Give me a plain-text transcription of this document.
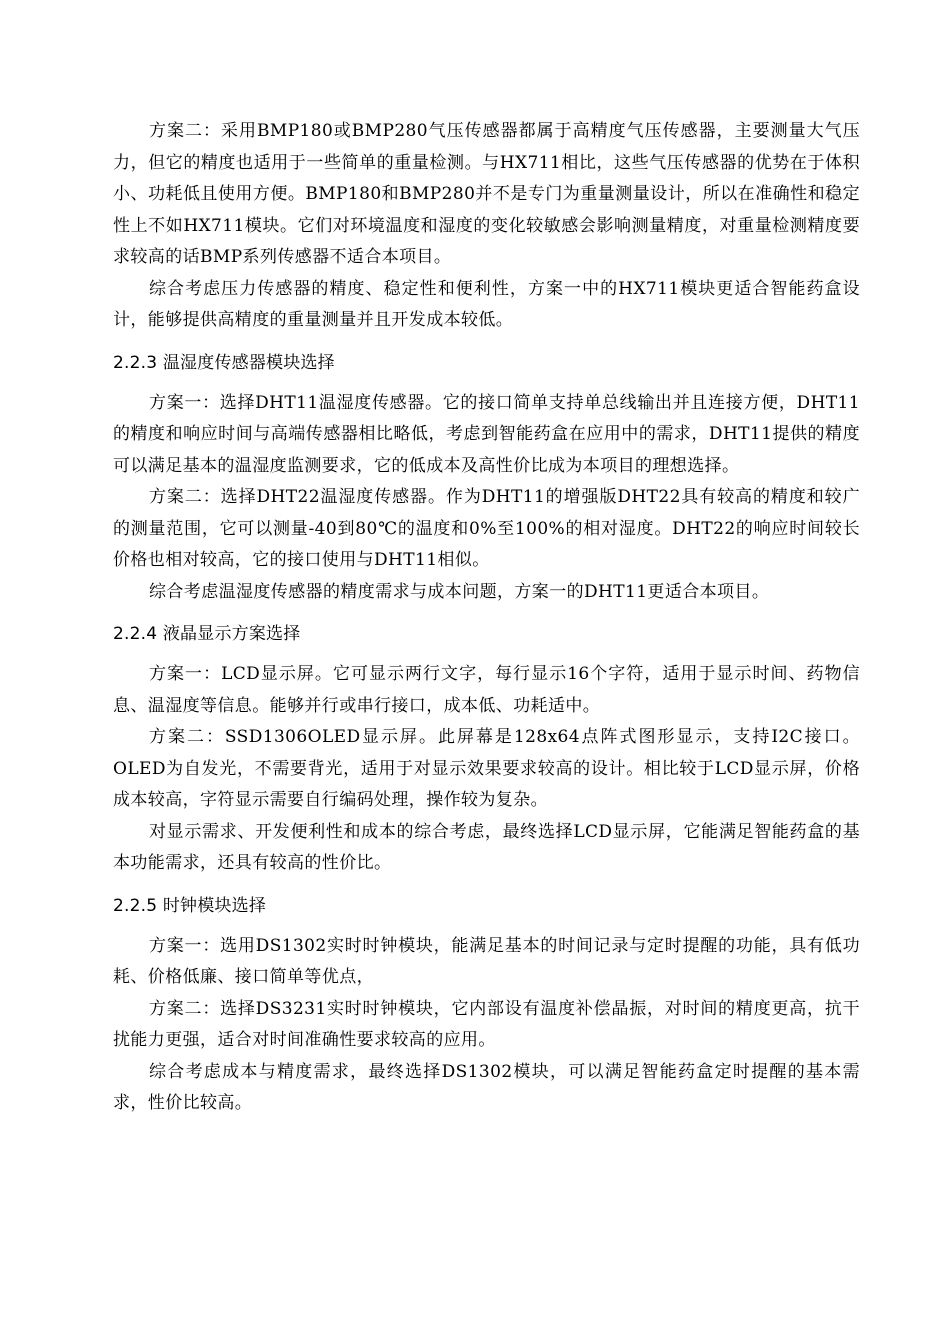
方案二：采用BMP180或BMP280气压传感器都属于高精度气压传感器，主要测量大气压力，但它的精度也适用于一些简单的重量检测。与HX711相比，这些气压传感器的优势在于体积小、功耗低且使用方便。BMP180和BMP280并不是专门为重量测量设计，所以在准确性和稳定性上不如HX711模块。它们对环境温度和湿度的变化较敏感会影响测量精度，对重量检测精度要求较高的话BMP系列传感器不适合本项目。

综合考虑压力传感器的精度、稳定性和便利性，方案一中的HX711模块更适合智能药盒设计，能够提供高精度的重量测量并且开发成本较低。

2.2.3 温湿度传感器模块选择

方案一：选择DHT11温湿度传感器。它的接口简单支持单总线输出并且连接方便，DHT11的精度和响应时间与高端传感器相比略低，考虑到智能药盒在应用中的需求，DHT11提供的精度可以满足基本的温湿度监测要求，它的低成本及高性价比成为本项目的理想选择。

方案二：选择DHT22温湿度传感器。作为DHT11的增强版DHT22具有较高的精度和较广的测量范围，它可以测量-40到80℃的温度和0%至100%的相对湿度。DHT22的响应时间较长价格也相对较高，它的接口使用与DHT11相似。

综合考虑温湿度传感器的精度需求与成本问题，方案一的DHT11更适合本项目。

2.2.4 液晶显示方案选择

方案一：LCD显示屏。它可显示两行文字，每行显示16个字符，适用于显示时间、药物信息、温湿度等信息。能够并行或串行接口，成本低、功耗适中。

方案二：SSD1306OLED显示屏。此屏幕是128x64点阵式图形显示，支持I2C接口。OLED为自发光，不需要背光，适用于对显示效果要求较高的设计。相比较于LCD显示屏，价格成本较高，字符显示需要自行编码处理，操作较为复杂。

对显示需求、开发便利性和成本的综合考虑，最终选择LCD显示屏，它能满足智能药盒的基本功能需求，还具有较高的性价比。

2.2.5 时钟模块选择

方案一：选用DS1302实时时钟模块，能满足基本的时间记录与定时提醒的功能，具有低功耗、价格低廉、接口简单等优点，

方案二：选择DS3231实时时钟模块，它内部设有温度补偿晶振，对时间的精度更高，抗干扰能力更强，适合对时间准确性要求较高的应用。

综合考虑成本与精度需求，最终选择DS1302模块，可以满足智能药盒定时提醒的基本需求，性价比较高。
